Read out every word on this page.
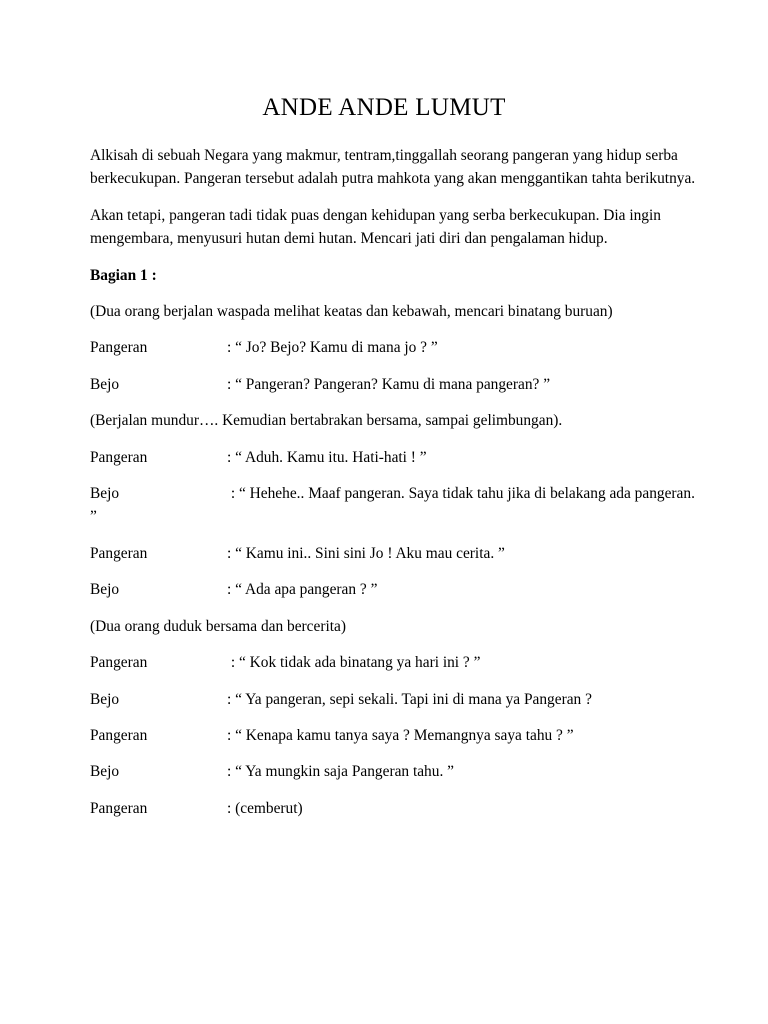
ANDE ANDE LUMUT

Alkisah di sebuah Negara yang makmur, tentram,tinggallah seorang pangeran yang hidup serba berkecukupan. Pangeran tersebut adalah putra mahkota yang akan menggantikan tahta berikutnya.

Akan tetapi, pangeran tadi tidak puas dengan kehidupan yang serba berkecukupan. Dia ingin mengembara, menyusuri hutan demi hutan. Mencari jati diri dan pengalaman hidup.

Bagian 1 :

(Dua orang berjalan waspada melihat keatas dan kebawah, mencari binatang buruan)

Pangeran	: “ Jo? Bejo? Kamu di mana jo ? ”
Bejo	: “ Pangeran? Pangeran? Kamu di mana pangeran? ”

(Berjalan mundur…. Kemudian bertabrakan bersama, sampai gelimbungan).

Pangeran	: “ Aduh. Kamu itu. Hati-hati ! ”
Bejo	: “ Hehehe.. Maaf pangeran. Saya tidak tahu jika di belakang ada pangeran. ”
Pangeran	: “ Kamu ini.. Sini sini Jo ! Aku mau cerita. ”
Bejo	: “ Ada apa pangeran ? ”

(Dua orang duduk bersama dan bercerita)

Pangeran	: “ Kok tidak ada binatang ya hari ini ? ”
Bejo	: “ Ya pangeran, sepi sekali. Tapi ini di mana ya Pangeran ?
Pangeran	: “ Kenapa kamu tanya saya ? Memangnya saya tahu ? ”
Bejo	: “ Ya mungkin saja Pangeran tahu. ”
Pangeran	: (cemberut)
